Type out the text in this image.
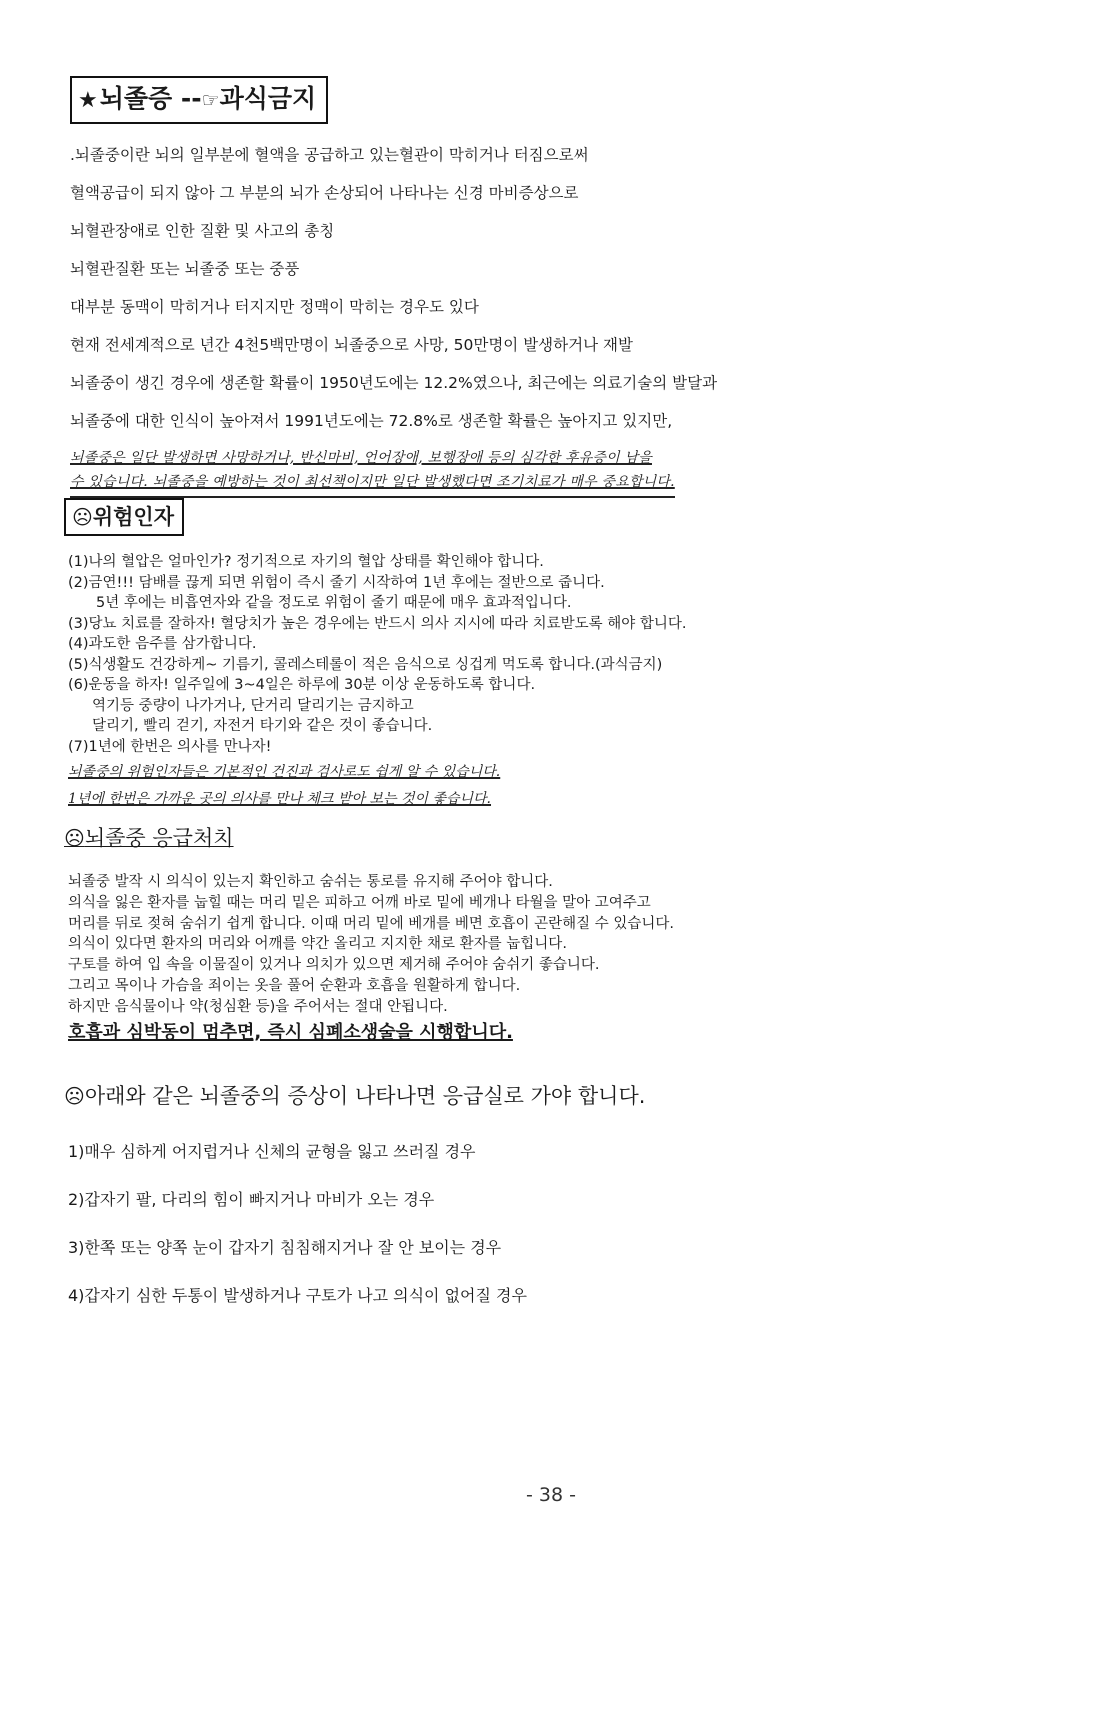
★뇌졸증 --☞과식금지
.뇌졸중이란 뇌의 일부분에 혈액을 공급하고 있는혈관이 막히거나 터짐으로써
혈액공급이 되지 않아 그 부분의 뇌가 손상되어 나타나는 신경 마비증상으로
뇌혈관장애로 인한 질환 및 사고의 총칭
뇌혈관질환 또는 뇌졸중 또는 중풍
대부분 동맥이 막히거나 터지지만 정맥이 막히는 경우도 있다
현재 전세계적으로 년간 4천5백만명이 뇌졸중으로 사망, 50만명이 발생하거나 재발
뇌졸중이 생긴 경우에 생존할 확률이 1950년도에는 12.2%였으나, 최근에는 의료기술의 발달과
뇌졸중에 대한 인식이 높아져서 1991년도에는 72.8%로 생존할 확률은 높아지고 있지만,
뇌졸중은 일단 발생하면 사망하거나, 반신마비, 언어장애, 보행장애 등의 심각한 후유증이 남을
수 있습니다. 뇌졸중을 예방하는 것이 최선책이지만 일단 발생했다면 조기치료가 매우 중요합니다.
☹위험인자
(1)나의 혈압은 얼마인가? 정기적으로 자기의 혈압 상태를 확인해야 합니다.
(2)금연!!! 담배를 끊게 되면 위험이 즉시 줄기 시작하여 1년 후에는 절반으로 줍니다.
5년 후에는 비흡연자와 같을 정도로 위험이 줄기 때문에 매우 효과적입니다.
(3)당뇨 치료를 잘하자! 혈당치가 높은 경우에는 반드시 의사 지시에 따라 치료받도록 해야 합니다.
(4)과도한 음주를 삼가합니다.
(5)식생활도 건강하게~ 기름기, 콜레스테롤이 적은 음식으로 싱겁게 먹도록 합니다.(과식금지)
(6)운동을 하자! 일주일에 3~4일은 하루에 30분 이상 운동하도록 합니다.
역기등 중량이 나가거나, 단거리 달리기는 금지하고
달리기, 빨리 걷기, 자전거 타기와 같은 것이 좋습니다.
(7)1년에 한번은 의사를 만나자!
뇌졸중의 위험인자들은 기본적인 건진과 검사로도 쉽게 알 수 있습니다.
1년에 한번은 가까운 곳의 의사를 만나 체크 받아 보는 것이 좋습니다.
☹뇌졸중 응급처치
뇌졸중 발작 시 의식이 있는지 확인하고 숨쉬는 통로를 유지해 주어야 합니다.
의식을 잃은 환자를 눕힐 때는 머리 밑은 피하고 어깨 바로 밑에 베개나 타월을 말아 고여주고
머리를 뒤로 젖혀 숨쉬기 쉽게 합니다. 이때 머리 밑에 베개를 베면 호흡이 곤란해질 수 있습니다.
의식이 있다면 환자의 머리와 어깨를 약간 올리고 지지한 채로 환자를 눕힙니다.
구토를 하여 입 속을 이물질이 있거나 의치가 있으면 제거해 주어야 숨쉬기 좋습니다.
그리고 목이나 가슴을 죄이는 옷을 풀어 순환과 호흡을 원활하게 합니다.
하지만 음식물이나 약(청심환 등)을 주어서는 절대 안됩니다.
호흡과 심박동이 멈추면, 즉시 심폐소생술을 시행합니다.
☹아래와 같은 뇌졸중의 증상이 나타나면 응급실로 가야 합니다.
1)매우 심하게 어지럽거나 신체의 균형을 잃고 쓰러질 경우
2)갑자기 팔, 다리의 힘이 빠지거나 마비가 오는 경우
3)한쪽 또는 양쪽 눈이 갑자기 침침해지거나 잘 안 보이는 경우
4)갑자기 심한 두통이 발생하거나 구토가 나고 의식이 없어질 경우
- 38 -
